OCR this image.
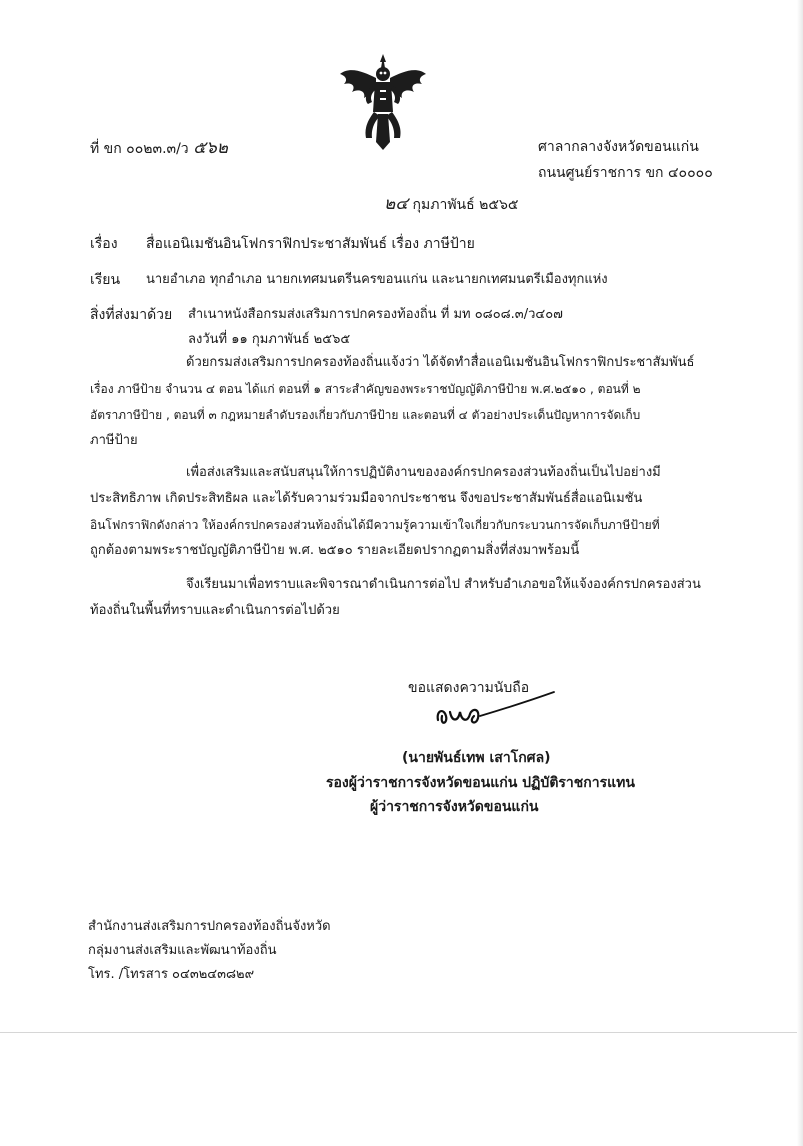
ที่ ขก ๐๐๒๓.๓/ว ๕๖๒	ศาลากลางจังหวัดขอนแก่น
ถนนศูนย์ราชการ ขก ๔๐๐๐๐
๒๔ กุมภาพันธ์ ๒๕๖๕
เรื่อง สื่อแอนิเมชันอินโฟกราฟิกประชาสัมพันธ์ เรื่อง ภาษีป้าย
เรียน นายอำเภอ ทุกอำเภอ นายกเทศมนตรีนครขอนแก่น และนายกเทศมนตรีเมืองทุกแห่ง
สิ่งที่ส่งมาด้วย สำเนาหนังสือกรมส่งเสริมการปกครองท้องถิ่น ที่ มท ๐๘๐๘.๓/ว๔๐๗
ลงวันที่ ๑๑ กุมภาพันธ์ ๒๕๖๕
ด้วยกรมส่งเสริมการปกครองท้องถิ่นแจ้งว่า ได้จัดทำสื่อแอนิเมชันอินโฟกราฟิกประชาสัมพันธ์
เรื่อง ภาษีป้าย จำนวน ๔ ตอน ได้แก่ ตอนที่ ๑ สาระสำคัญของพระราชบัญญัติภาษีป้าย พ.ศ.๒๕๑๐ , ตอนที่ ๒
อัตราภาษีป้าย , ตอนที่ ๓ กฎหมายลำดับรองเกี่ยวกับภาษีป้าย และตอนที่ ๔ ตัวอย่างประเด็นปัญหาการจัดเก็บ
ภาษีป้าย
เพื่อส่งเสริมและสนับสนุนให้การปฏิบัติงานขององค์กรปกครองส่วนท้องถิ่นเป็นไปอย่างมี
ประสิทธิภาพ เกิดประสิทธิผล และได้รับความร่วมมือจากประชาชน จึงขอประชาสัมพันธ์สื่อแอนิเมชัน
อินโฟกราฟิกดังกล่าว ให้องค์กรปกครองส่วนท้องถิ่นได้มีความรู้ความเข้าใจเกี่ยวกับกระบวนการจัดเก็บภาษีป้ายที่
ถูกต้องตามพระราชบัญญัติภาษีป้าย พ.ศ. ๒๕๑๐ รายละเอียดปรากฏตามสิ่งที่ส่งมาพร้อมนี้
จึงเรียนมาเพื่อทราบและพิจารณาดำเนินการต่อไป สำหรับอำเภอขอให้แจ้งองค์กรปกครองส่วน
ท้องถิ่นในพื้นที่ทราบและดำเนินการต่อไปด้วย
ขอแสดงความนับถือ
(นายพันธ์เทพ เสาโกศล)
รองผู้ว่าราชการจังหวัดขอนแก่น ปฏิบัติราชการแทน
ผู้ว่าราชการจังหวัดขอนแก่น
สำนักงานส่งเสริมการปกครองท้องถิ่นจังหวัด
กลุ่มงานส่งเสริมและพัฒนาท้องถิ่น
โทร. /โทรสาร ๐๔๓๒๔๓๘๒๙
